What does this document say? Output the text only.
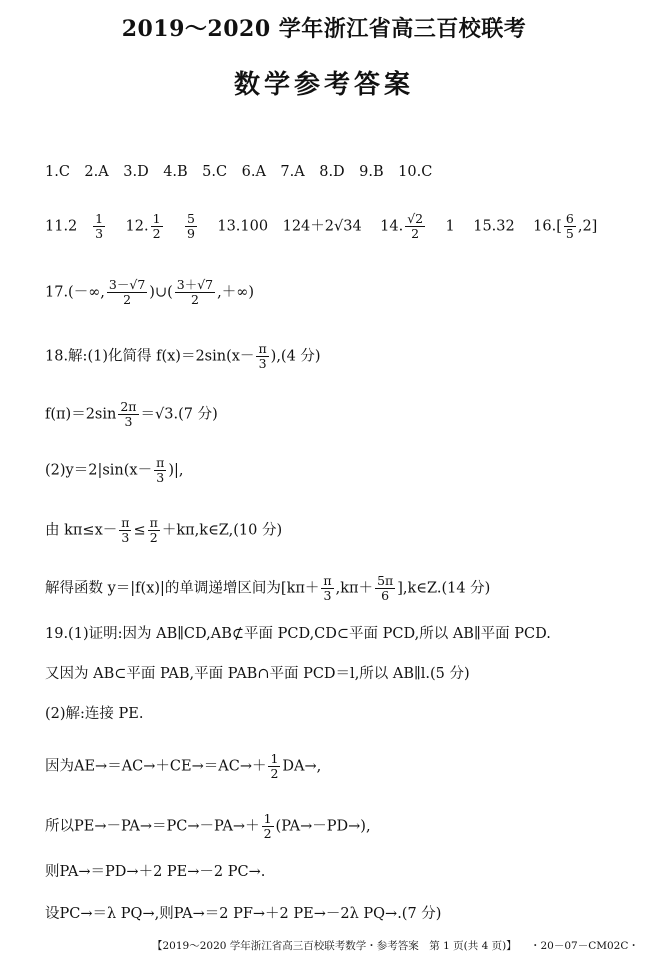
2019～2020 学年浙江省高三百校联考
数学参考答案
1.C　2.A　3.D　4.B　5.C　6.A　7.A　8.D　9.B　10.C
$11.2 \frac{1}{3} 12$. $\frac{1}{2}$
$\frac{5}{9} 13.100$　124＋2√34 14. $\frac{√2}{2} 1$ 15.32 $16.[ \frac{6}{5} ,2]$
17.(－∞, $\frac{3-√7}{2}$ )∪( $\frac{3+√7}{2}$ ,＋∞)
18.解:(1)化简得 $f(x)=2\sin(x- \frac{\pi}{3} ),(4$ 分)
$f(\pi)=2\sin \frac{2\pi}{3} =√3.(7$ 分)
$(2)y=2|\sin(x- \frac{\pi}{3}$ )|,
由 $k\pi\le x- \frac{\pi}{3} \le \frac{\pi}{2}$ ＋kπ,k∈Z,(10 分)
解得函数 y＝|f(x)|的单调递增区间为[$k\pi+ \frac{\pi}{3} ,k\pi+ \frac{5\pi}{6}$ ],k∈Z.(14 分)
19.(1)证明:因为 AB∥CD,AB⊄平面 PCD,CD⊂平面 PCD,所以 AB∥平面 PCD.
又因为 AB⊂平面 PAB,平面 PAB∩平面 PCD＝l,所以 AB∥l.(5 分)
(2)解:连接 PE.
因为$AE\to=AC\to+CE\to=AC\to+ \frac{1}{2} DA\to$,
所以$PE\to-PA\to=PC\to-PA\to+ \frac{1}{2} (PA\to-PD\to)$,
则PA→＝PD→＋2 PE→－2 PC→.
设PC→＝λ PQ→,则PA→＝2 PF→＋2 PE→－2λ PQ→.(7 分)
【2019～2020 学年浙江省高三百校联考数学・参考答案　第 1 页(共 4 页)】 ・20－07－CM02C・
